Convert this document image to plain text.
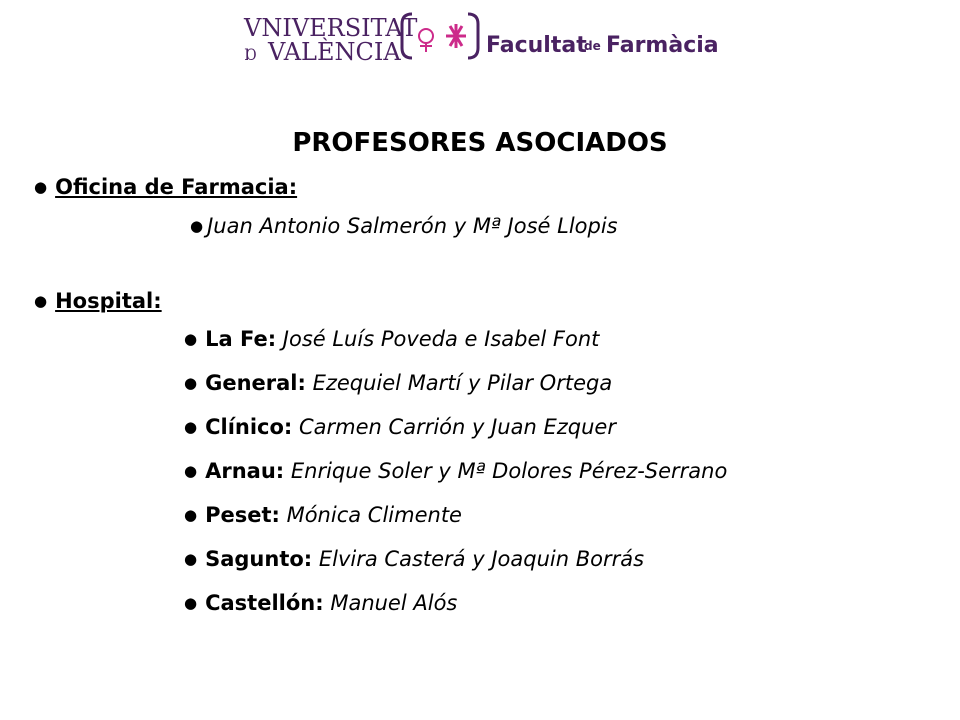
VNIVERSITAT
Ɒ VALÈNCIA	Facultat
de Farmàcia
PROFESORES ASOCIADOS
● Oficina de Farmacia:
● Juan Antonio Salmerón y Mª José Llopis
● Hospital:
● La Fe: José Luís Poveda e Isabel Font
● General: Ezequiel Martí y Pilar Ortega
● Clínico: Carmen Carrión y Juan Ezquer
● Arnau: Enrique Soler y Mª Dolores Pérez-Serrano
● Peset: Mónica Climente
● Sagunto: Elvira Casterá y Joaquin Borrás
● Castellón: Manuel Alós
